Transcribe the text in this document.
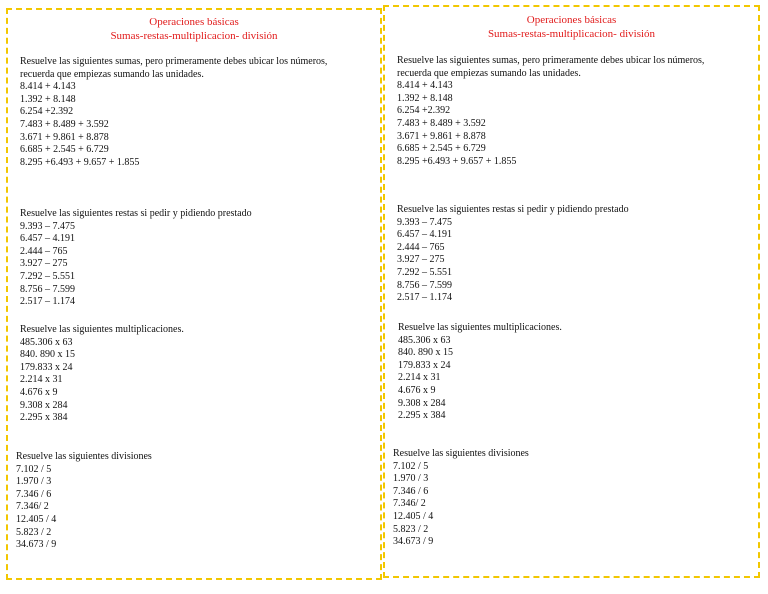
Operaciones básicas
Sumas-restas-multiplicacion- división
Resuelve las siguientes sumas, pero primeramente debes ubicar los números,
recuerda que empiezas sumando las unidades.
8.414 + 4.143
1.392 + 8.148
6.254 +2.392
7.483 + 8.489 + 3.592
3.671 + 9.861 + 8.878
6.685 + 2.545 + 6.729
8.295 +6.493 + 9.657 + 1.855
Resuelve las siguientes restas si pedir y pidiendo prestado
9.393 – 7.475
6.457 – 4.191
2.444 – 765
3.927 – 275
7.292 – 5.551
8.756 – 7.599
2.517 – 1.174
Resuelve las siguientes multiplicaciones.
485.306 x 63
840. 890 x 15
179.833 x 24
2.214 x 31
4.676 x 9
9.308 x 284
2.295 x 384
Resuelve las siguientes divisiones
7.102 / 5
1.970 / 3
7.346 / 6
7.346/ 2
12.405 / 4
5.823 / 2
34.673 / 9
Operaciones básicas
Sumas-restas-multiplicacion- división
Resuelve las siguientes sumas, pero primeramente debes ubicar los números,
recuerda que empiezas sumando las unidades.
8.414 + 4.143
1.392 + 8.148
6.254 +2.392
7.483 + 8.489 + 3.592
3.671 + 9.861 + 8.878
6.685 + 2.545 + 6.729
8.295 +6.493 + 9.657 + 1.855
Resuelve las siguientes restas si pedir y pidiendo prestado
9.393 – 7.475
6.457 – 4.191
2.444 – 765
3.927 – 275
7.292 – 5.551
8.756 – 7.599
2.517 – 1.174
Resuelve las siguientes multiplicaciones.
485.306 x 63
840. 890 x 15
179.833 x 24
2.214 x 31
4.676 x 9
9.308 x 284
2.295 x 384
Resuelve las siguientes divisiones
7.102 / 5
1.970 / 3
7.346 / 6
7.346/ 2
12.405 / 4
5.823 / 2
34.673 / 9
